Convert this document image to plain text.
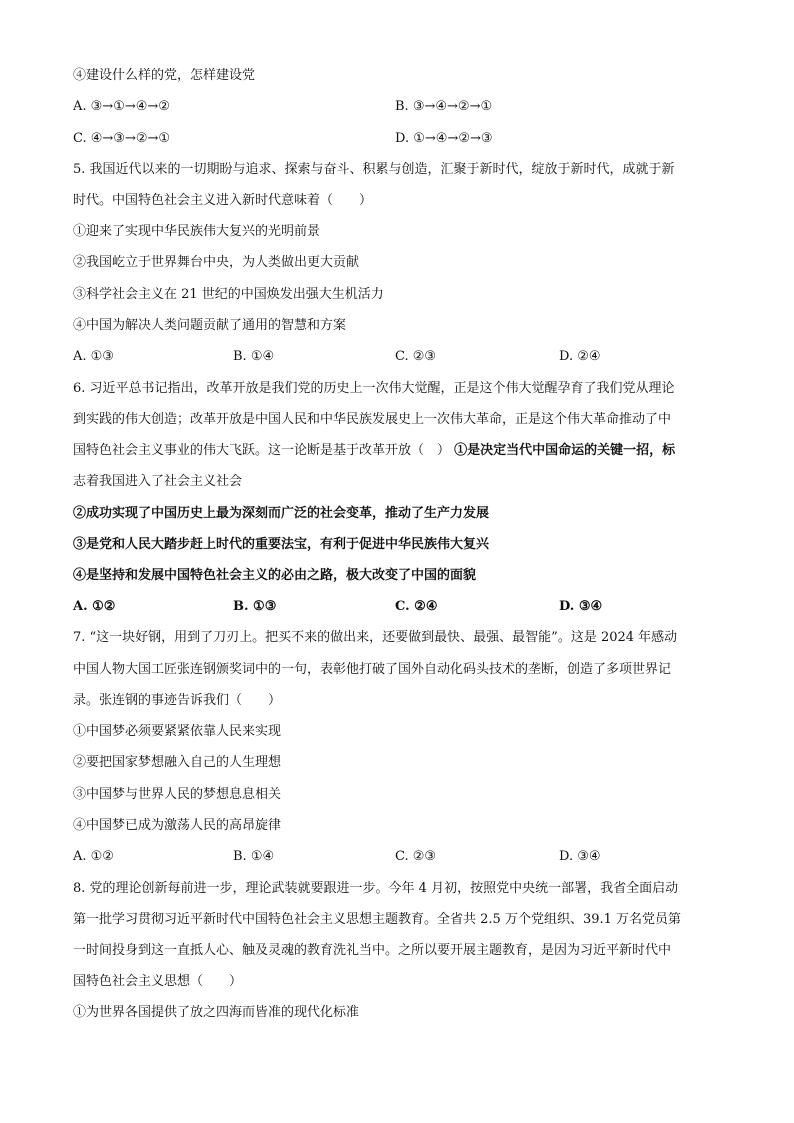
④建设什么样的党，怎样建设党
A. ③→①→④→②	B. ③→④→②→①
C. ④→③→②→①	D. ①→④→②→③
5. 我国近代以来的一切期盼与追求、探索与奋斗、积累与创造，汇聚于新时代，绽放于新时代，成就于新
时代。中国特色社会主义进入新时代意味着（　　）
①迎来了实现中华民族伟大复兴的光明前景
②我国屹立于世界舞台中央，为人类做出更大贡献
③科学社会主义在 21 世纪的中国焕发出强大生机活力
④中国为解决人类问题贡献了通用的智慧和方案
A. ①③	B. ①④	C. ②③	D. ②④
6. 习近平总书记指出，改革开放是我们党的历史上一次伟大觉醒，正是这个伟大觉醒孕育了我们党从理论
到实践的伟大创造；改革开放是中国人民和中华民族发展史上一次伟大革命，正是这个伟大革命推动了中
国特色社会主义事业的伟大飞跃。这一论断是基于改革开放（　） ①是决定当代中国命运的关键一招，标
志着我国进入了社会主义社会
②成功实现了中国历史上最为深刻而广泛的社会变革，推动了生产力发展
③是党和人民大踏步赶上时代的重要法宝，有利于促进中华民族伟大复兴
④是坚持和发展中国特色社会主义的必由之路，极大改变了中国的面貌
A. ①②	B. ①③	C. ②④	D. ③④
7. “这一块好钢，用到了刀刃上。把买不来的做出来，还要做到最快、最强、最智能”。这是 2024 年感动
中国人物大国工匠张连钢颁奖词中的一句，表彰他打破了国外自动化码头技术的垄断，创造了多项世界记
录。张连钢的事迹告诉我们（　　）
①中国梦必须要紧紧依靠人民来实现
②要把国家梦想融入自己的人生理想
③中国梦与世界人民的梦想息息相关
④中国梦已成为激荡人民的高昂旋律
A. ①②	B. ①④	C. ②③	D. ③④
8. 党的理论创新每前进一步，理论武装就要跟进一步。今年 4 月初，按照党中央统一部署，我省全面启动
第一批学习贯彻习近平新时代中国特色社会主义思想主题教育。全省共 2.5 万个党组织、39.1 万名党员第
一时间投身到这一直抵人心、触及灵魂的教育洗礼当中。之所以要开展主题教育，是因为习近平新时代中
国特色社会主义思想（　　）
①为世界各国提供了放之四海而皆准的现代化标准
